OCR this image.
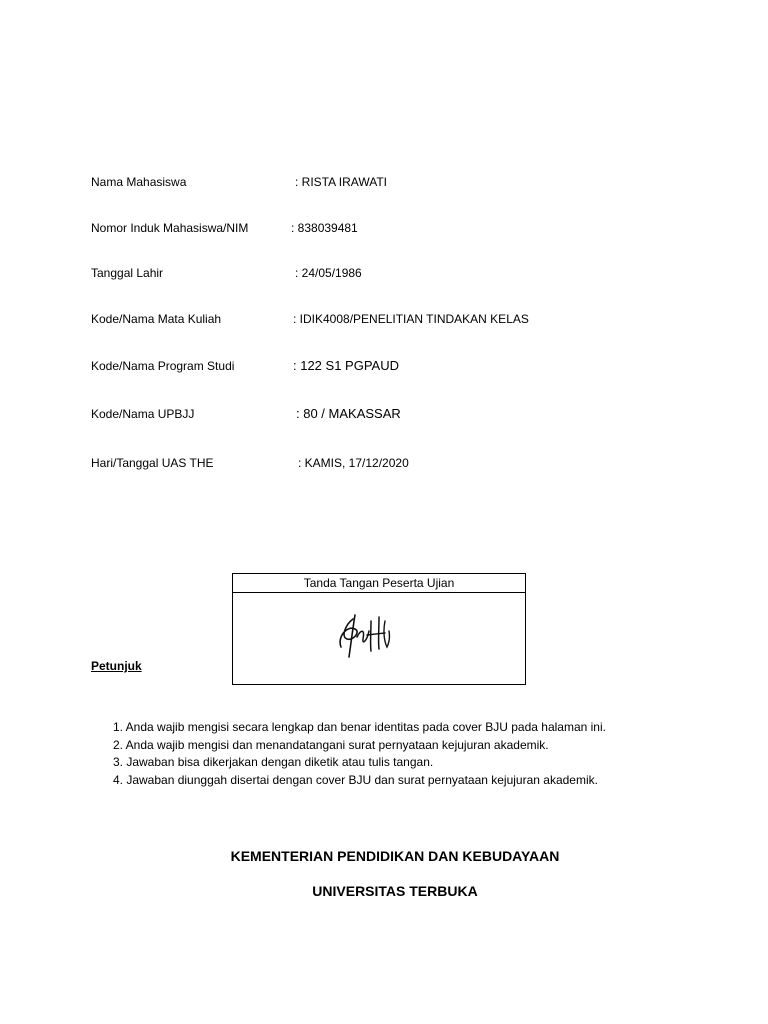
Nama Mahasiswa	: RISTA IRAWATI
Nomor Induk Mahasiswa/NIM	: 838039481
Tanggal Lahir	: 24/05/1986
Kode/Nama Mata Kuliah	: IDIK4008/PENELITIAN TINDAKAN KELAS
Kode/Nama Program Studi	: 122 S1 PGPAUD
Kode/Nama UPBJJ	: 80 / MAKASSAR
Hari/Tanggal UAS THE	: KAMIS, 17/12/2020
Tanda Tangan Peserta Ujian
Petunjuk
1. Anda wajib mengisi secara lengkap dan benar identitas pada cover BJU pada halaman ini.
2. Anda wajib mengisi dan menandatangani surat pernyataan kejujuran akademik.
3. Jawaban bisa dikerjakan dengan diketik atau tulis tangan.
4. Jawaban diunggah disertai dengan cover BJU dan surat pernyataan kejujuran akademik.
KEMENTERIAN PENDIDIKAN DAN KEBUDAYAAN
UNIVERSITAS TERBUKA
